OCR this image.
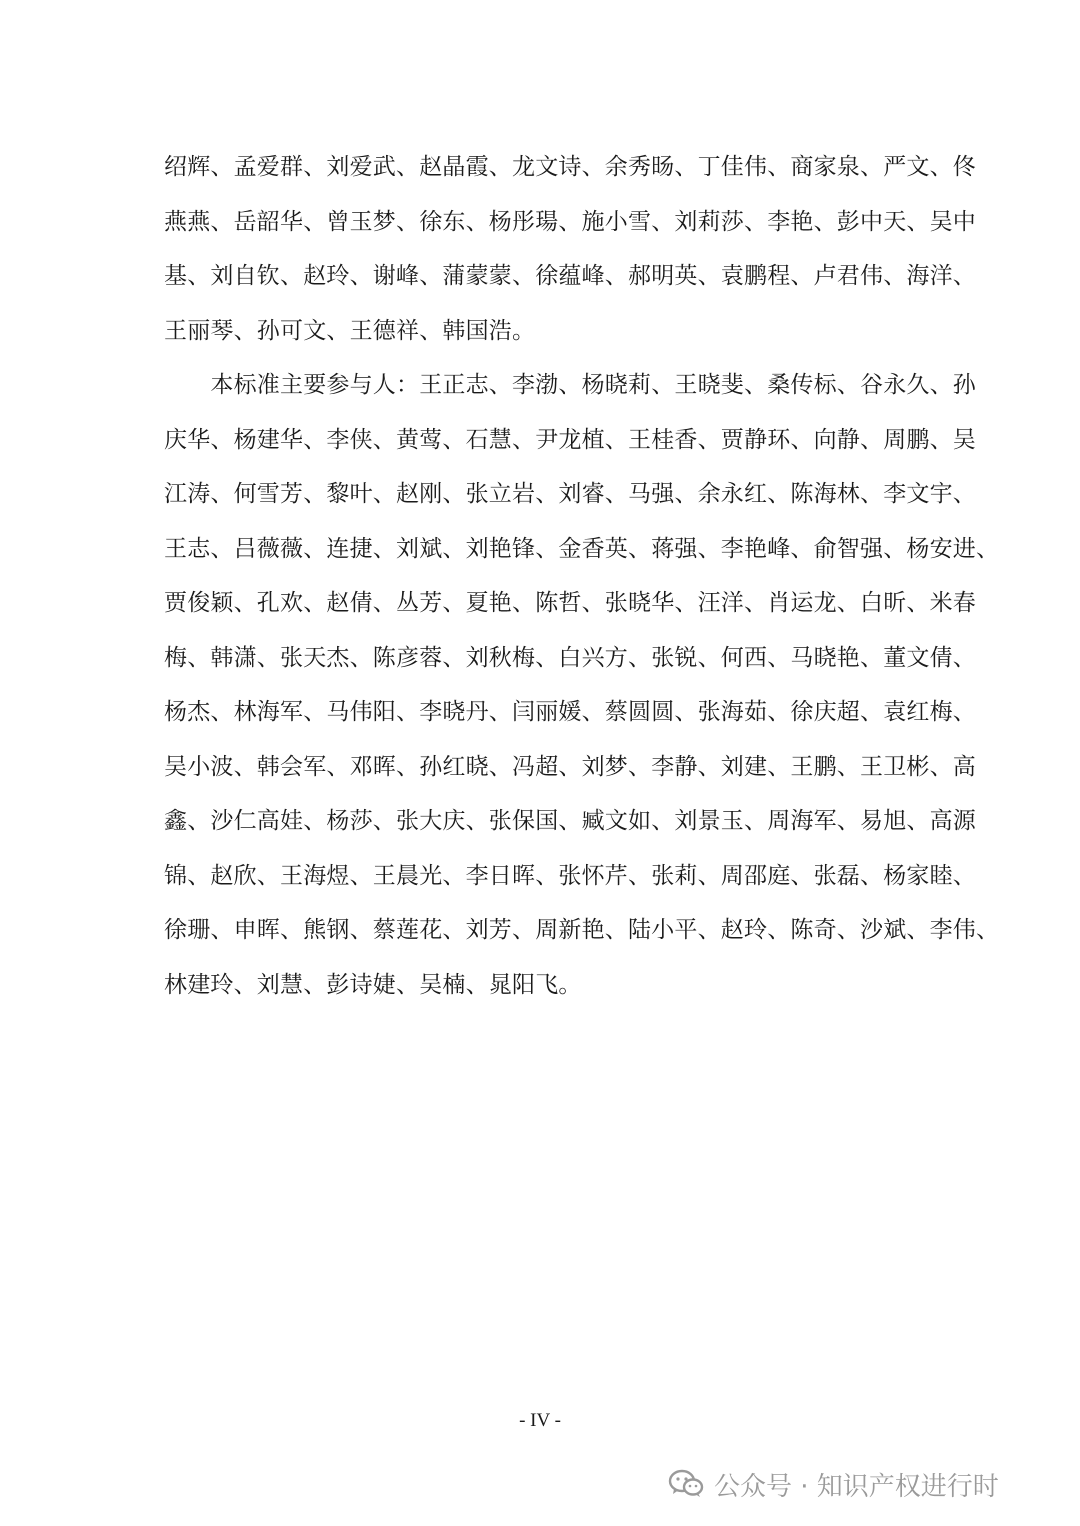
绍辉、孟爱群、刘爱武、赵晶霞、龙文诗、余秀旸、丁佳伟、商家泉、严文、佟
燕燕、岳韶华、曾玉梦、徐东、杨彤瑒、施小雪、刘莉莎、李艳、彭中天、吴中
基、刘自钦、赵玲、谢峰、蒲蒙蒙、徐蕴峰、郝明英、袁鹏程、卢君伟、海洋、
王丽琴、孙可文、王德祥、韩国浩。
　　本标准主要参与人：王正志、李渤、杨晓莉、王晓斐、桑传标、谷永久、孙
庆华、杨建华、李侠、黄莺、石慧、尹龙植、王桂香、贾静环、向静、周鹏、吴
江涛、何雪芳、黎叶、赵刚、张立岩、刘睿、马强、余永红、陈海林、李文宇、
王志、吕薇薇、连捷、刘斌、刘艳锋、金香英、蒋强、李艳峰、俞智强、杨安进、
贾俊颖、孔欢、赵倩、丛芳、夏艳、陈哲、张晓华、汪洋、肖运龙、白昕、米春
梅、韩潇、张天杰、陈彦蓉、刘秋梅、白兴方、张锐、何西、马晓艳、董文倩、
杨杰、林海军、马伟阳、李晓丹、闫丽媛、蔡圆圆、张海茹、徐庆超、袁红梅、
吴小波、韩会军、邓晖、孙红晓、冯超、刘梦、李静、刘建、王鹏、王卫彬、高
鑫、沙仁高娃、杨莎、张大庆、张保国、臧文如、刘景玉、周海军、易旭、高源
锦、赵欣、王海煜、王晨光、李日晖、张怀芹、张莉、周邵庭、张磊、杨家睦、
徐珊、申晖、熊钢、蔡莲花、刘芳、周新艳、陆小平、赵玲、陈奇、沙斌、李伟、
林建玲、刘慧、彭诗婕、吴楠、晁阳飞。
- IV -
公众号 · 知识产权进行时
